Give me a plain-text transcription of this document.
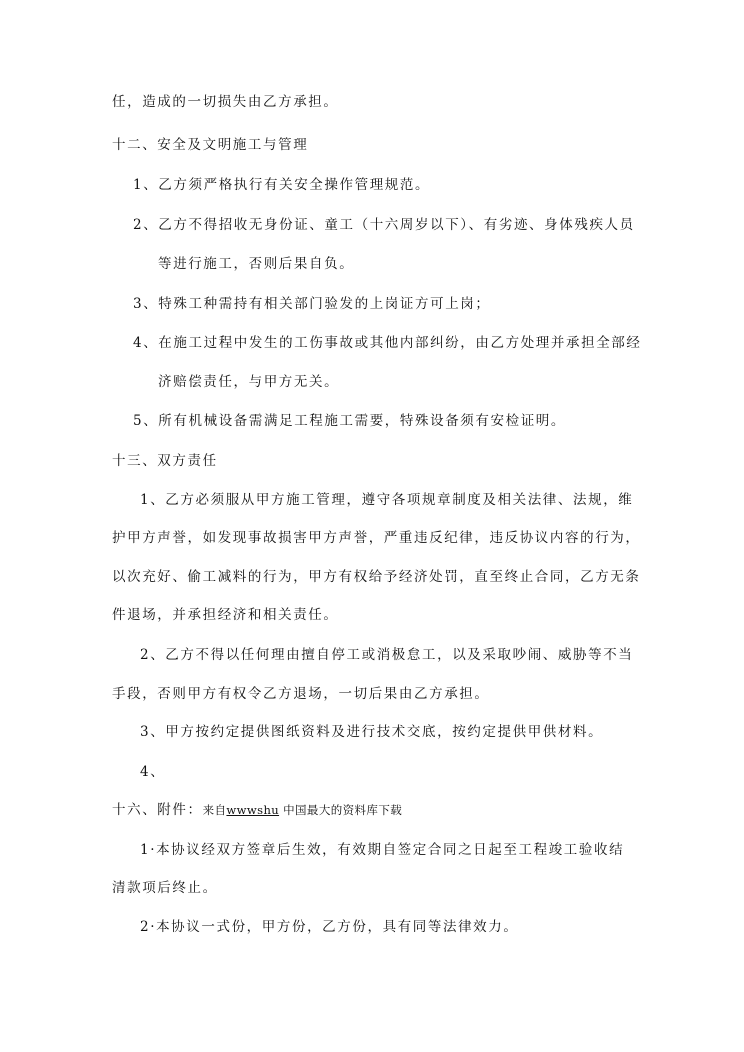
任，造成的一切损失由乙方承担。
十二、安全及文明施工与管理
1、乙方须严格执行有关安全操作管理规范。
2、乙方不得招收无身份证、童工（十六周岁以下）、有劣迹、身体残疾人员
等进行施工，否则后果自负。
3、特殊工种需持有相关部门验发的上岗证方可上岗；
4、在施工过程中发生的工伤事故或其他内部纠纷，由乙方处理并承担全部经
济赔偿责任，与甲方无关。
5、所有机械设备需满足工程施工需要，特殊设备须有安检证明。
十三、双方责任
1、乙方必须服从甲方施工管理，遵守各项规章制度及相关法律、法规，维
护甲方声誉，如发现事故损害甲方声誉，严重违反纪律，违反协议内容的行为，
以次充好、偷工减料的行为，甲方有权给予经济处罚，直至终止合同，乙方无条
件退场，并承担经济和相关责任。
2、乙方不得以任何理由擅自停工或消极怠工，以及采取吵闹、威胁等不当
手段，否则甲方有权令乙方退场，一切后果由乙方承担。
3、甲方按约定提供图纸资料及进行技术交底，按约定提供甲供材料。
4、
十六、附件：来自wwwshu 中国最大的资料库下载
1·本协议经双方签章后生效，有效期自签定合同之日起至工程竣工验收结
清款项后终止。
2·本协议一式份，甲方份，乙方份，具有同等法律效力。
